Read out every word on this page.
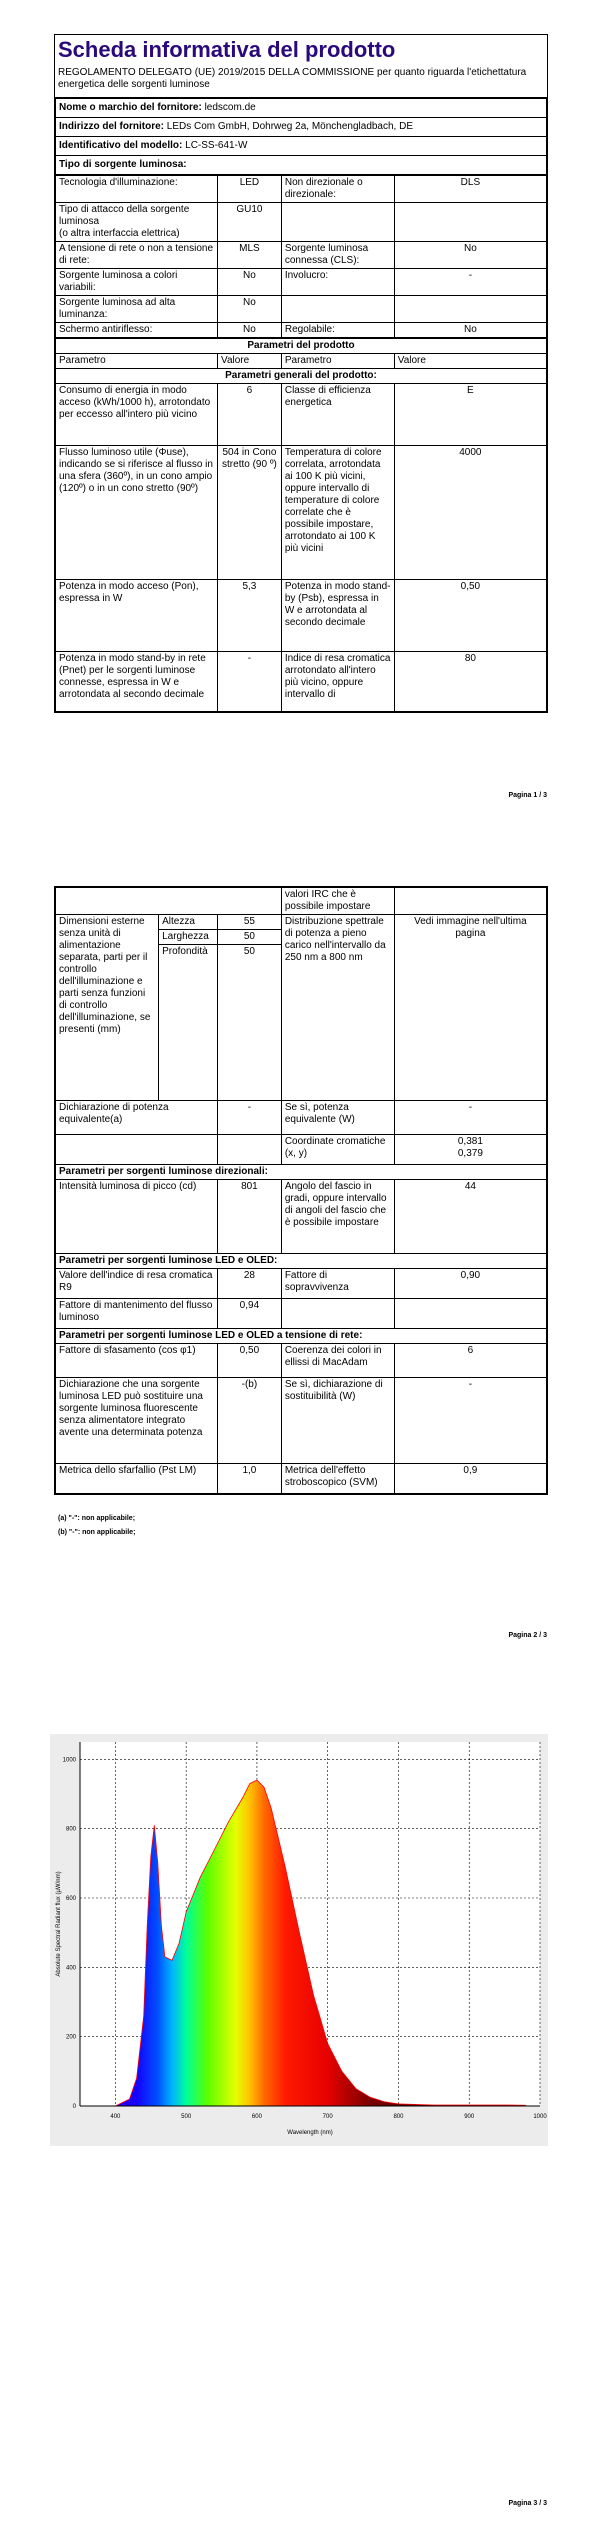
Scheda informativa del prodotto
REGOLAMENTO DELEGATO (UE) 2019/2015 DELLA COMMISSIONE per quanto riguarda l'etichettatura energetica delle sorgenti luminose
Nome o marchio del fornitore: ledscom.de
Indirizzo del fornitore: LEDs Com GmbH, Dohrweg 2a, Mönchengladbach, DE
Identificativo del modello: LC-SS-641-W
Tipo di sorgente luminosa:
Tecnologia d'illuminazione:	LED	Non direzionale o direzionale:	DLS
Tipo di attacco della sorgente luminosa
(o altra interfaccia elettrica)	GU10		
A tensione di rete o non a tensione di rete:	MLS	Sorgente luminosa connessa (CLS):	No
Sorgente luminosa a colori variabili:	No	Involucro:	-
Sorgente luminosa ad alta luminanza:	No		
Schermo antiriflesso:	No	Regolabile:	No
Parametri del prodotto			
Parametro	Valore	Parametro	Valore
Parametri generali del prodotto:			
Consumo di energia in modo acceso (kWh/1000 h), arrotondato per eccesso all'intero più vicino	6	Classe di efficienza energetica	E
Flusso luminoso utile (Φuse), indicando se si riferisce al flusso in una sfera (360º), in un cono ampio (120º) o in un cono stretto (90º)	504 in Cono stretto (90 º)	Temperatura di colore correlata, arrotondata ai 100 K più vicini, oppure intervallo di temperature di colore correlate che è possibile impostare, arrotondato ai 100 K più vicini	4000
Potenza in modo acceso (Pon), espressa in W	5,3	Potenza in modo stand-by (Psb), espressa in W e arrotondata al secondo decimale	0,50
Potenza in modo stand-by in rete (Pnet) per le sorgenti luminose connesse, espressa in W e arrotondata al secondo decimale	-	Indice di resa cromatica arrotondato all'intero più vicino, oppure intervallo di	80
Pagina 1 / 3
			valori IRC che è possibile impostare	
Dimensioni esterne senza unità di alimentazione separata, parti per il controllo dell'illuminazione e parti senza funzioni di controllo dell'illuminazione, se presenti (mm)	Altezza	55	Distribuzione spettrale di potenza a pieno carico nell'intervallo da 250 nm a 800 nm	Vedi immagine nell'ultima pagina
	Larghezza	50		
	Profondità	50		
Dichiarazione di potenza equivalente(a)		-	Se sì, potenza equivalente (W)	-
			Coordinate cromatiche (x, y)	0,381
0,379

Parametri per sorgenti luminose direzionali:				
Intensità luminosa di picco (cd)		801	Angolo del fascio in gradi, oppure intervallo di angoli del fascio che è possibile impostare	44
Parametri per sorgenti luminose LED e OLED:				
Valore dell'indice di resa cromatica R9		28	Fattore di sopravvivenza	0,90
Fattore di mantenimento del flusso luminoso		0,94		
Parametri per sorgenti luminose LED e OLED a tensione di rete:				
Fattore di sfasamento (cos φ1)		0,50	Coerenza dei colori in ellissi di MacAdam	6
Dichiarazione che una sorgente luminosa LED può sostituire una sorgente luminosa fluorescente senza alimentatore integrato avente una determinata potenza		-(b)	Se sì, dichiarazione di sostituibilità (W)	-
Metrica dello sfarfallio (Pst LM)		1,0	Metrica dell'effetto stroboscopico (SVM)	0,9
(a) "-": non applicabile;
(b) "-": non applicabile;
Pagina 2 / 3
400	500	600	700	800	900	1000
0
200
400
600
800
1000
Wavelength (nm)
Absolute Spectral Radiant flux (µW/nm)
Pagina 3 / 3
